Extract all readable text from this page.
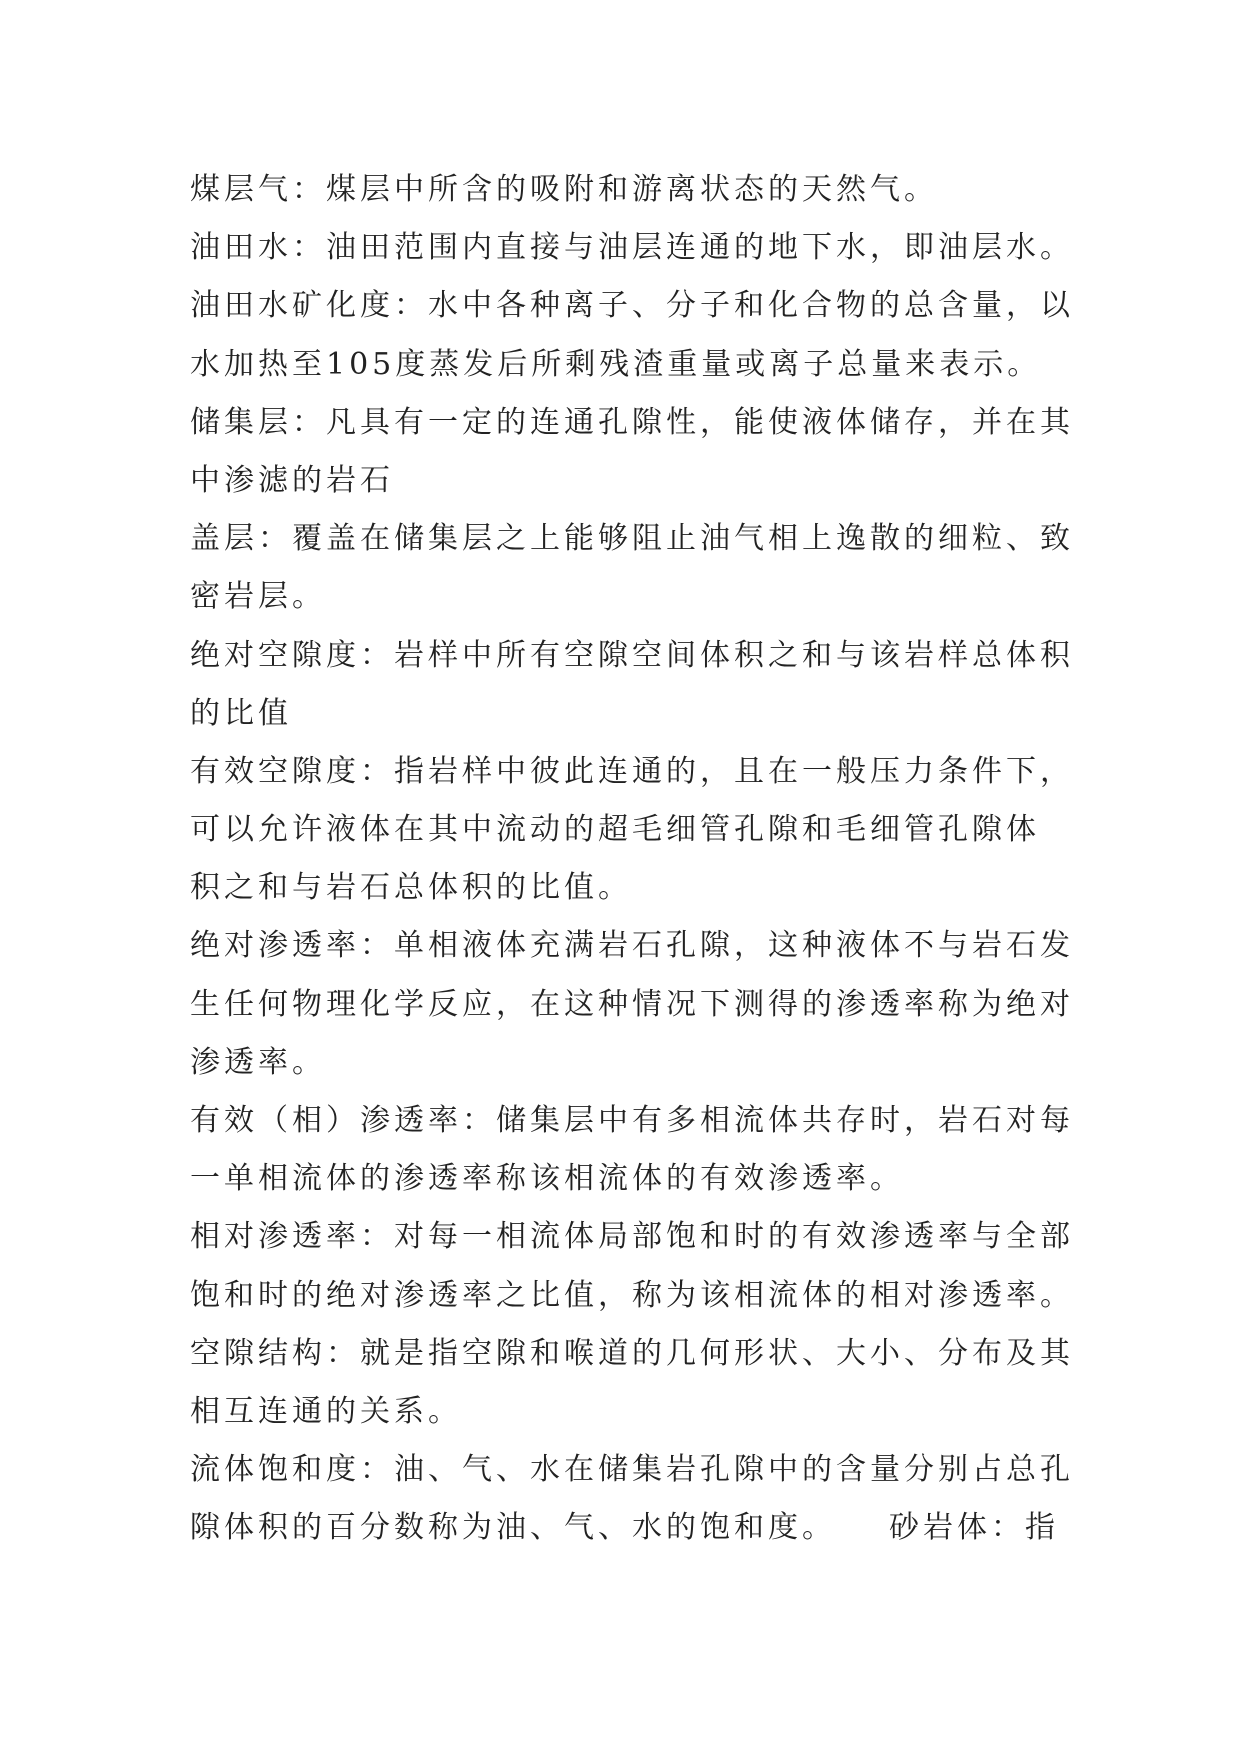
煤层气：煤层中所含的吸附和游离状态的天然气。
油田水：油田范围内直接与油层连通的地下水，即油层水。
油田水矿化度：水中各种离子、分子和化合物的总含量，以
水加热至105度蒸发后所剩残渣重量或离子总量来表示。
储集层：凡具有一定的连通孔隙性，能使液体储存，并在其
中渗滤的岩石
盖层：覆盖在储集层之上能够阻止油气相上逸散的细粒、致
密岩层。
绝对空隙度：岩样中所有空隙空间体积之和与该岩样总体积
的比值
有效空隙度：指岩样中彼此连通的，且在一般压力条件下，
可以允许液体在其中流动的超毛细管孔隙和毛细管孔隙体
积之和与岩石总体积的比值。
绝对渗透率：单相液体充满岩石孔隙，这种液体不与岩石发
生任何物理化学反应，在这种情况下测得的渗透率称为绝对
渗透率。
有效（相）渗透率：储集层中有多相流体共存时，岩石对每
一单相流体的渗透率称该相流体的有效渗透率。
相对渗透率：对每一相流体局部饱和时的有效渗透率与全部
饱和时的绝对渗透率之比值，称为该相流体的相对渗透率。
空隙结构：就是指空隙和喉道的几何形状、大小、分布及其
相互连通的关系。
流体饱和度：油、气、水在储集岩孔隙中的含量分别占总孔
隙体积的百分数称为油、气、水的饱和度。　　砂岩体：指
